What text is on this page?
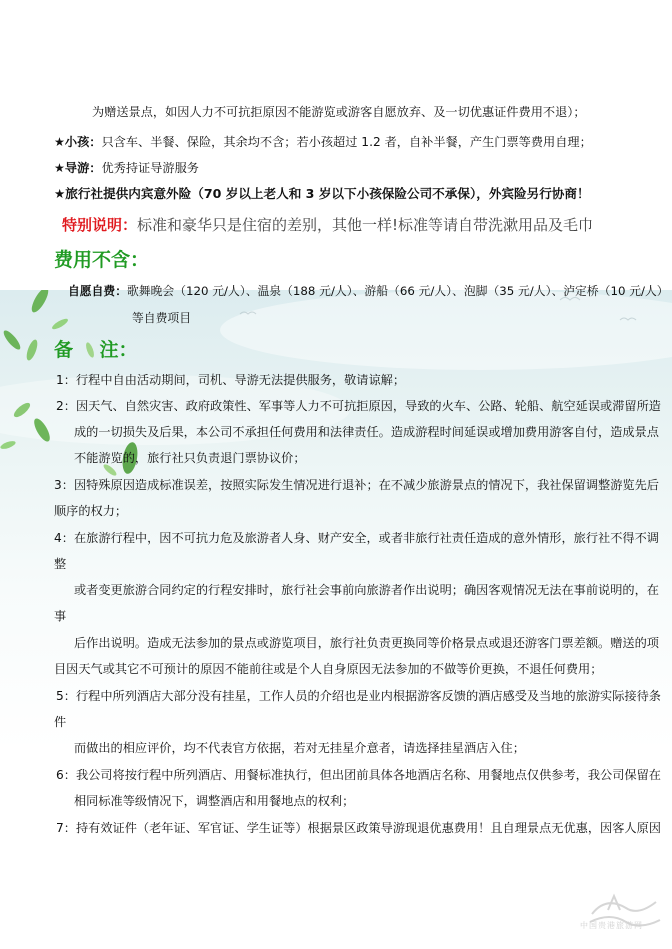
为赠送景点，如因人力不可抗拒原因不能游览或游客自愿放弃、及一切优惠证件费用不退）；
★小孩：只含车、半餐、保险，其余均不含；若小孩超过 1.2 者，自补半餐，产生门票等费用自理；
★导游：优秀持证导游服务
★旅行社提供内宾意外险（70 岁以上老人和 3 岁以下小孩保险公司不承保），外宾险另行协商！
特别说明：标准和豪华只是住宿的差别，其他一样!标准等请自带洗漱用品及毛巾
费用不含：
自愿自费：歌舞晚会（120 元/人）、温泉（188 元/人）、游船（66 元/人）、泡脚（35 元/人）、泸定桥（10 元/人）
等自费项目
备    注：
1：行程中自由活动期间，司机、导游无法提供服务，敬请谅解；
2：因天气、自然灾害、政府政策性、军事等人力不可抗拒原因，导致的火车、公路、轮船、航空延误或滞留所造
成的一切损失及后果，本公司不承担任何费用和法律责任。造成游程时间延误或增加费用游客自付，造成景点
不能游览的，旅行社只负责退门票协议价；
3：因特殊原因造成标准误差，按照实际发生情况进行退补；在不减少旅游景点的情况下，我社保留调整游览先后
顺序的权力；
4：在旅游行程中，因不可抗力危及旅游者人身、财产安全，或者非旅行社责任造成的意外情形，旅行社不得不调
整
或者变更旅游合同约定的行程安排时，旅行社会事前向旅游者作出说明；确因客观情况无法在事前说明的，在
事
后作出说明。造成无法参加的景点或游览项目，旅行社负责更换同等价格景点或退还游客门票差额。赠送的项
目因天气或其它不可预计的原因不能前往或是个人自身原因无法参加的不做等价更换，不退任何费用；
5：行程中所列酒店大部分没有挂星，工作人员的介绍也是业内根据游客反馈的酒店感受及当地的旅游实际接待条
件
而做出的相应评价，均不代表官方依据，若对无挂星介意者，请选择挂星酒店入住；
6：我公司将按行程中所列酒店、用餐标准执行，但出团前具体各地酒店名称、用餐地点仅供参考，我公司保留在
相同标准等级情况下，调整酒店和用餐地点的权利；
7：持有效证件（老年证、军官证、学生证等）根据景区政策导游现退优惠费用！且自理景点无优惠，因客人原因
中国贵港旅游网
